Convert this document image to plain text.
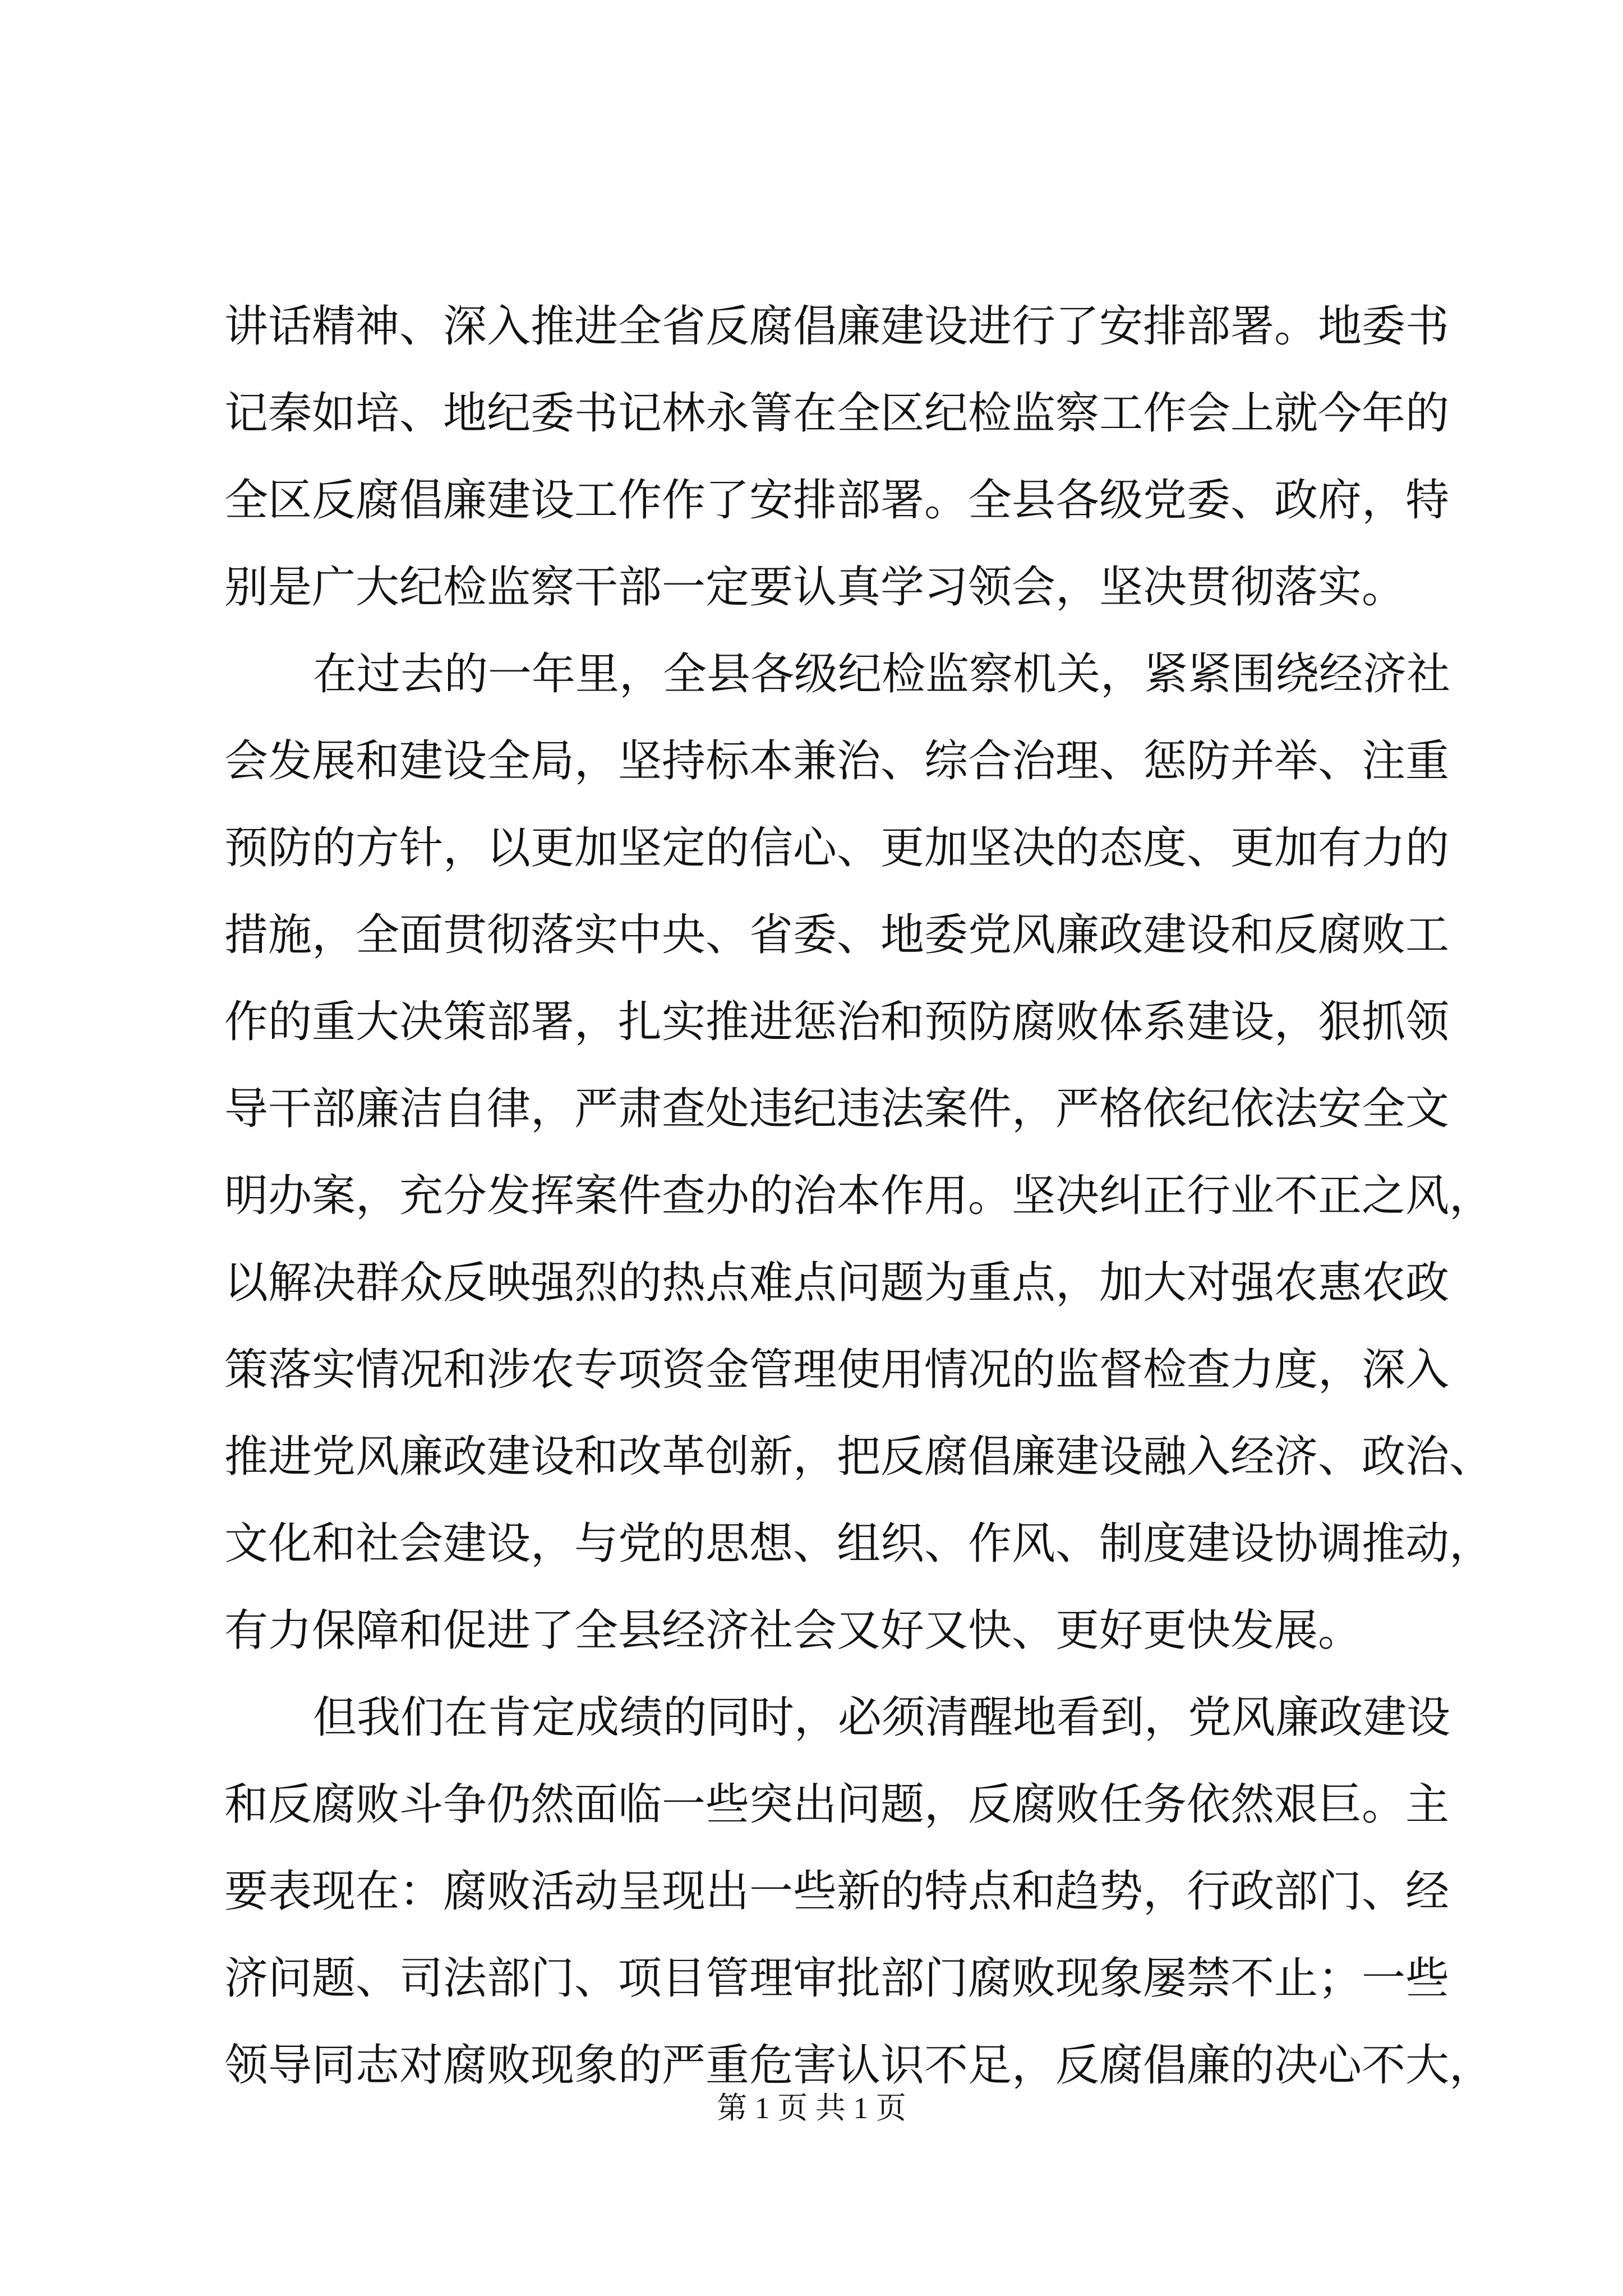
讲话精神、深入推进全省反腐倡廉建设进行了安排部署。地委书
记秦如培、地纪委书记林永箐在全区纪检监察工作会上就今年的
全区反腐倡廉建设工作作了安排部署。全县各级党委、政府，特
别是广大纪检监察干部一定要认真学习领会，坚决贯彻落实。
在过去的一年里，全县各级纪检监察机关，紧紧围绕经济社
会发展和建设全局，坚持标本兼治、综合治理、惩防并举、注重
预防的方针，以更加坚定的信心、更加坚决的态度、更加有力的
措施，全面贯彻落实中央、省委、地委党风廉政建设和反腐败工
作的重大决策部署，扎实推进惩治和预防腐败体系建设，狠抓领
导干部廉洁自律，严肃查处违纪违法案件，严格依纪依法安全文
明办案，充分发挥案件查办的治本作用。坚决纠正行业不正之风，
以解决群众反映强烈的热点难点问题为重点，加大对强农惠农政
策落实情况和涉农专项资金管理使用情况的监督检查力度，深入
推进党风廉政建设和改革创新，把反腐倡廉建设融入经济、政治、
文化和社会建设，与党的思想、组织、作风、制度建设协调推动，
有力保障和促进了全县经济社会又好又快、更好更快发展。
但我们在肯定成绩的同时，必须清醒地看到，党风廉政建设
和反腐败斗争仍然面临一些突出问题，反腐败任务依然艰巨。主
要表现在：腐败活动呈现出一些新的特点和趋势，行政部门、经
济问题、司法部门、项目管理审批部门腐败现象屡禁不止；一些
领导同志对腐败现象的严重危害认识不足，反腐倡廉的决心不大，
第 1 页 共 1 页
